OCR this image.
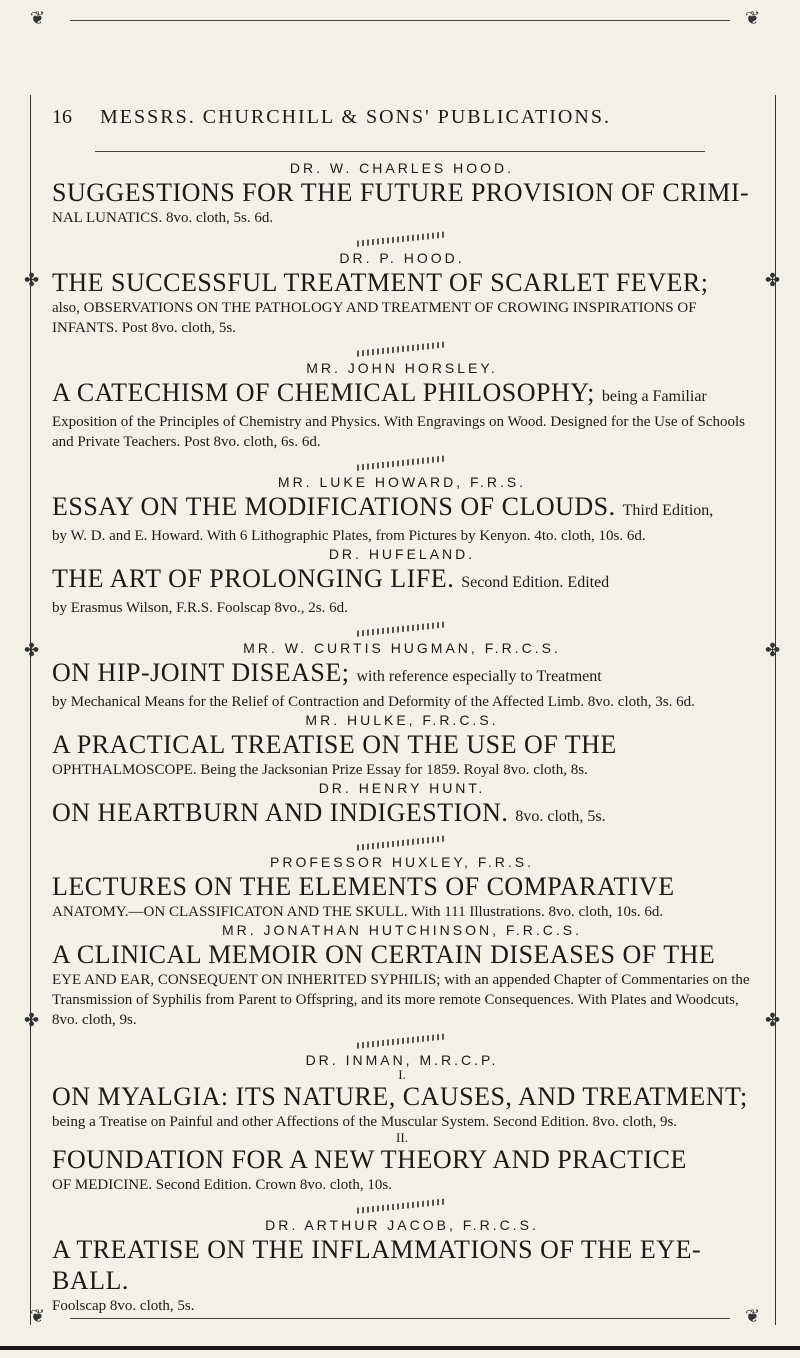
❦	❦
✤	✤
✤	✤
✤	✤
16 MESSRS. CHURCHILL & SONS' PUBLICATIONS.
DR. W. CHARLES HOOD.
SUGGESTIONS FOR THE FUTURE PROVISION OF CRIMI-
NAL LUNATICS. 8vo. cloth, 5s. 6d.
DR. P. HOOD.
THE SUCCESSFUL TREATMENT OF SCARLET FEVER;
also, OBSERVATIONS ON THE PATHOLOGY AND TREATMENT OF CROWING INSPIRATIONS OF INFANTS. Post 8vo. cloth, 5s.
MR. JOHN HORSLEY.
A CATECHISM OF CHEMICAL PHILOSOPHY; being a Familiar
Exposition of the Principles of Chemistry and Physics. With Engravings on Wood. Designed for the Use of Schools and Private Teachers. Post 8vo. cloth, 6s. 6d.
MR. LUKE HOWARD, F.R.S.
ESSAY ON THE MODIFICATIONS OF CLOUDS. Third Edition,
by W. D. and E. Howard. With 6 Lithographic Plates, from Pictures by Kenyon. 4to. cloth, 10s. 6d.
DR. HUFELAND.
THE ART OF PROLONGING LIFE. Second Edition. Edited
by Erasmus Wilson, F.R.S. Foolscap 8vo., 2s. 6d.
MR. W. CURTIS HUGMAN, F.R.C.S.
ON HIP-JOINT DISEASE; with reference especially to Treatment
by Mechanical Means for the Relief of Contraction and Deformity of the Affected Limb. 8vo. cloth, 3s. 6d.
MR. HULKE, F.R.C.S.
A PRACTICAL TREATISE ON THE USE OF THE
OPHTHALMOSCOPE. Being the Jacksonian Prize Essay for 1859. Royal 8vo. cloth, 8s.
DR. HENRY HUNT.
ON HEARTBURN AND INDIGESTION. 8vo. cloth, 5s.
PROFESSOR HUXLEY, F.R.S.
LECTURES ON THE ELEMENTS OF COMPARATIVE
ANATOMY.—ON CLASSIFICATON AND THE SKULL. With 111 Illustrations. 8vo. cloth, 10s. 6d.
MR. JONATHAN HUTCHINSON, F.R.C.S.
A CLINICAL MEMOIR ON CERTAIN DISEASES OF THE
EYE AND EAR, CONSEQUENT ON INHERITED SYPHILIS; with an appended Chapter of Commentaries on the Transmission of Syphilis from Parent to Offspring, and its more remote Consequences. With Plates and Woodcuts, 8vo. cloth, 9s.
DR. INMAN, M.R.C.P.
I.
ON MYALGIA: ITS NATURE, CAUSES, AND TREATMENT;
being a Treatise on Painful and other Affections of the Muscular System. Second Edition. 8vo. cloth, 9s.
II.
FOUNDATION FOR A NEW THEORY AND PRACTICE
OF MEDICINE. Second Edition. Crown 8vo. cloth, 10s.
DR. ARTHUR JACOB, F.R.C.S.
A TREATISE ON THE INFLAMMATIONS OF THE EYE-BALL.
Foolscap 8vo. cloth, 5s.
❦	❦
